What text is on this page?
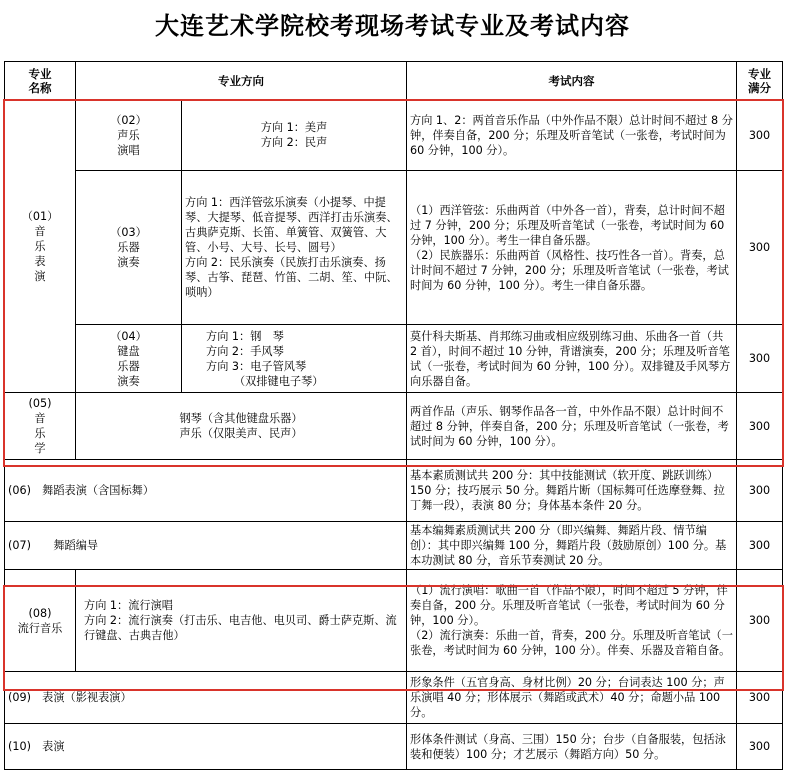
大连艺术学院校考现场考试专业及考试内容
专业
名称	专业方向		考试内容	专业
满分
（01）
音
乐
表
演	（02）
声乐
演唱	方向 1：美声
方向 2：民声	方向 1、2：两首音乐作品（中外作品不限）总计时间不超过 8 分钟，伴奏自备，200 分；乐理及听音笔试（一张卷，考试时间为 60 分钟，100 分）。	300
	（03）
乐器
演奏	方向 1：西洋管弦乐演奏（小提琴、中提琴、大提琴、低音提琴、西洋打击乐演奏、古典萨克斯、长笛、单簧管、双簧管、大管、小号、大号、长号、圆号）
方向 2：民乐演奏（民族打击乐演奏、扬琴、古筝、琵琶、竹笛、二胡、笙、中阮、唢呐）	（1）西洋管弦：乐曲两首（中外各一首），背奏，总计时间不超过 7 分钟，200 分；乐理及听音笔试（一张卷，考试时间为 60 分钟，100 分）。考生一律自备乐器。
（2）民族器乐：乐曲两首（风格性、技巧性各一首）。背奏，总计时间不超过 7 分钟，200 分；乐理及听音笔试（一张卷，考试时间为 60 分钟，100 分）。考生一律自备乐器。	300
	（04）
键盘
乐器
演奏	方向 1：钢　琴
方向 2：手风琴
方向 3：电子管风琴
　　　（双排键电子琴）	莫什科夫斯基、肖邦练习曲或相应级别练习曲、乐曲各一首（共 2 首），时间不超过 10 分钟，背谱演奏，200 分；乐理及听音笔试（一张卷，考试时间为 60 分钟，100 分）。双排键及手风琴方向乐器自备。	300
(05)
音
乐
学	钢琴（含其他键盘乐器）
声乐（仅限美声、民声）		两首作品（声乐、钢琴作品各一首，中外作品不限）总计时间不超过 8 分钟，伴奏自备，200 分；乐理及听音笔试（一张卷，考试时间为 60 分钟，100 分）。	300
(06)　舞蹈表演（含国标舞）			基本素质测试共 200 分：其中技能测试（软开度、跳跃训练）150 分；技巧展示 50 分。舞蹈片断（国标舞可任选摩登舞、拉丁舞一段），表演 80 分；身体基本条件 20 分。	300
(07)　　舞蹈编导			基本编舞素质测试共 200 分（即兴编舞、舞蹈片段、情节编创）：其中即兴编舞 100 分，舞蹈片段（鼓励原创）100 分。基本功测试 80 分，音乐节奏测试 20 分。	300
(08)
流行音乐	方向 1：流行演唱
方向 2：流行演奏（打击乐、电吉他、电贝司、爵士萨克斯、流行键盘、古典吉他）		（1）流行演唱：歌曲一首（作品不限），时间不超过 5 分钟，伴奏自备，200 分。乐理及听音笔试（一张卷，考试时间为 60 分钟，100 分）。
（2）流行演奏：乐曲一首，背奏，200 分。乐理及听音笔试（一张卷，考试时间为 60 分钟，100 分）。伴奏、乐器及音箱自备。	300
(09)　表演（影视表演）			形象条件（五官身高、身材比例）20 分；台词表达 100 分；声乐演唱 40 分；形体展示（舞蹈或武术）40 分；命题小品 100 分。	300
(10)　表演			形体条件测试（身高、三围）150 分；台步（自备服装，包括泳装和便装）100 分；才艺展示（舞蹈方向）50 分。	300
